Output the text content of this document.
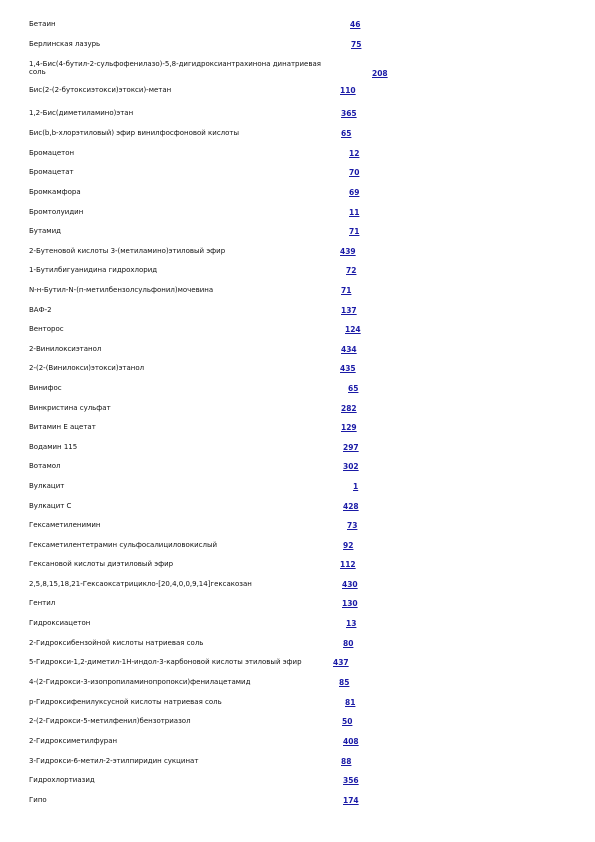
Бетаин	46
Берлинская лазурь	75
1,4-Бис(4-бутил-2-сульфофенилазо)-5,8-дигидроксиантрахинона динатриевая
соль	208
Бис(2-(2-бутоксиэтокси)этокси)-метан	110
1,2-Бис(диметиламино)этан	365
Бис(b,b-хлорэтиловый) эфир винилфосфоновой кислоты	65
Бромацетон	12
Бромацетат	70
Бромкамфора	69
Бромтолуидин	11
Бутамид	71
2-Бутеновой кислоты 3-(метиламино)этиловый эфир	439
1-Бутилбигуанидина гидрохлорид	72
N-н-Бутил-N-(п-метилбензолсульфонил)мочевина	71
ВАФ-2	137
Венторос	124
2-Винилоксиэтанол	434
2-(2-(Винилокси)этокси)этанол	435
Винифос	65
Винкристина сульфат	282
Витамин Е ацетат	129
Водамин 115	297
Вотамол	302
Вулкацит	1
Вулкацит С	428
Гексаметиленимин	73
Гексаметилентетрамин сульфосалициловокислый	92
Гексановой кислоты диэтиловый эфир	112
2,5,8,15,18,21-Гексаоксатрицикло-[20,4,0,0,9,14]гексакозан	430
Гентил	130
Гидроксиацетон	13
2-Гидроксибензойной кислоты натриевая соль	80
5-Гидрокси-1,2-диметил-1Н-индол-3-карбоновой кислоты этиловый эфир	437
4-(2-Гидрокси-3-изопропиламинопропокси)фенилацетамид	85
р-Гидроксифенилуксусной кислоты натриевая соль	81
2-(2-Гидрокси-5-метилфенил)бензотриазол	50
2-Гидроксиметилфуран	408
3-Гидрокси-6-метил-2-этилпиридин сукцинат	88
Гидрохлортиазид	356
Гипо	174
